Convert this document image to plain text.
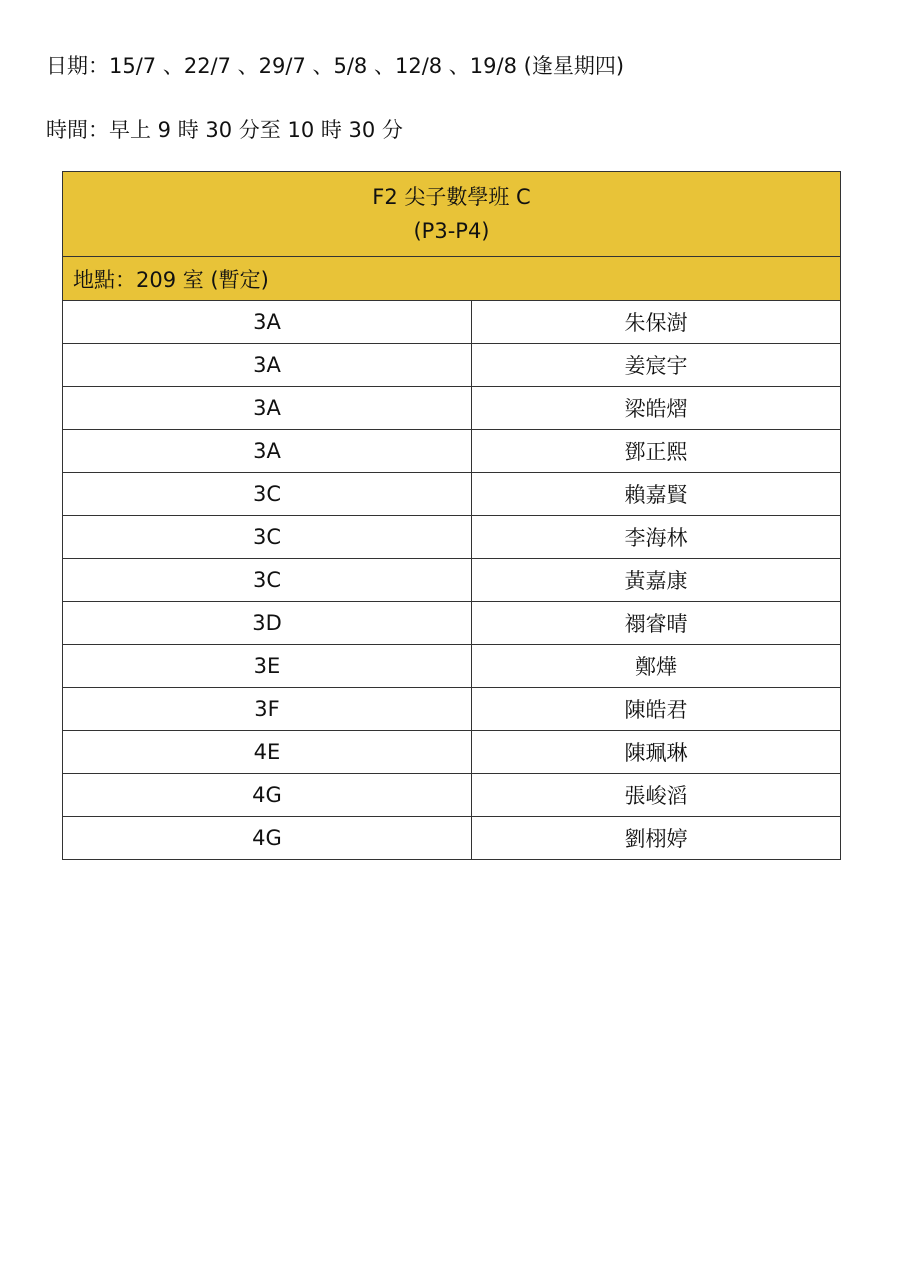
日期：15/7 、22/7 、29/7 、5/8 、12/8 、19/8 (逢星期四)
時間：早上 9 時 30 分至 10 時 30 分
F2 尖子數學班 C
(P3-P4)	

地點：209 室 (暫定)	
3A	朱保澍
3A	姜宸宇
3A	梁皓熠
3A	鄧正熙
3C	賴嘉賢
3C	李海林
3C	黃嘉康
3D	禤睿晴
3E	鄭燁
3F	陳皓君
4E	陳珮琳
4G	張峻滔
4G	劉栩婷
